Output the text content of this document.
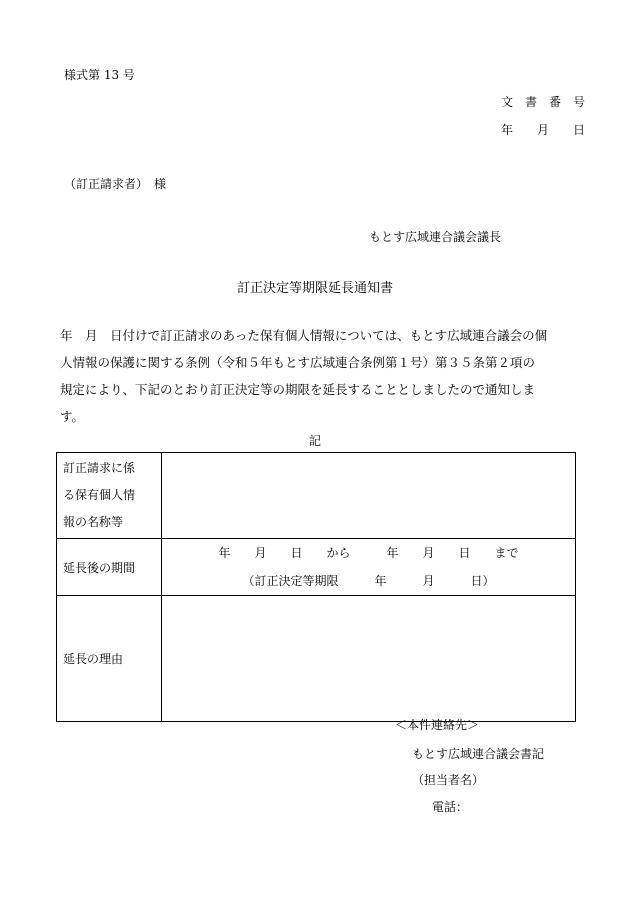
様式第 13 号
文　書　番　号
年　　月　　日
（訂正請求者）　様
もとす広域連合議会議長
訂正決定等期限延長通知書
年　月　日付けで訂正請求のあった保有個人情報については、もとす広域連合議会の個
人情報の保護に関する条例（令和５年もとす広域連合条例第１号）第３５条第２項の
規定により、下記のとおり訂正決定等の期限を延長することとしましたので通知しま
す。
記
訂正請求に係
る保有個人情
報の名称等	

延長後の期間	年　　月　　日　　から　　　年　　月　　日　　まで
（訂正決定等期限　　　年　　　月　　　日）

延長の理由	
＜本件連絡先＞
もとす広域連合議会書記
（担当者名）
電話：
